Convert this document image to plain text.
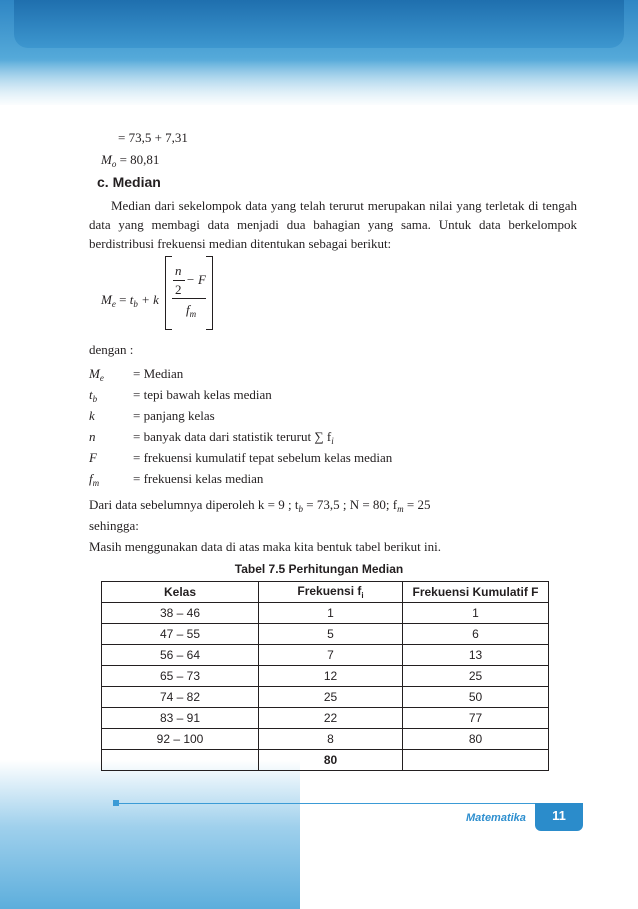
= 73,5 + 7,31
$M_o = 80,81$
c. Median
Median dari sekelompok data yang telah terurut merupakan nilai yang terletak di tengah data yang membagi data menjadi dua bahagian yang sama. Untuk data berkelompok berdistribusi frekuensi median ditentukan sebagai berikut:
$M_e = t_b + k$
n
2
− F
$f_m$
dengan :
$M_e$ = Median
$t_b$	= tepi bawah kelas median
k	= panjang kelas
n	= banyak data dari statistik terurut ∑ $f_i$
F	= frekuensi kumulatif tepat sebelum kelas median
$f_m$	= frekuensi kelas median
Dari data sebelumnya diperoleh k = 9 ; $t_b = 73,5$ ; N = 80; $f_m = 25$
sehingga:
Masih menggunakan data di atas maka kita bentuk tabel berikut ini.
Tabel 7.5 Perhitungan Median
Kelas	Frekuensi $f_i$	Frekuensi Kumulatif F
38 – 46	1	1
47 – 55	5	6
56 – 64	7	13
65 – 73	12	25
74 – 82	25	50
83 – 91	22	77
92 – 100	8	80
	80	
Matematika	11
